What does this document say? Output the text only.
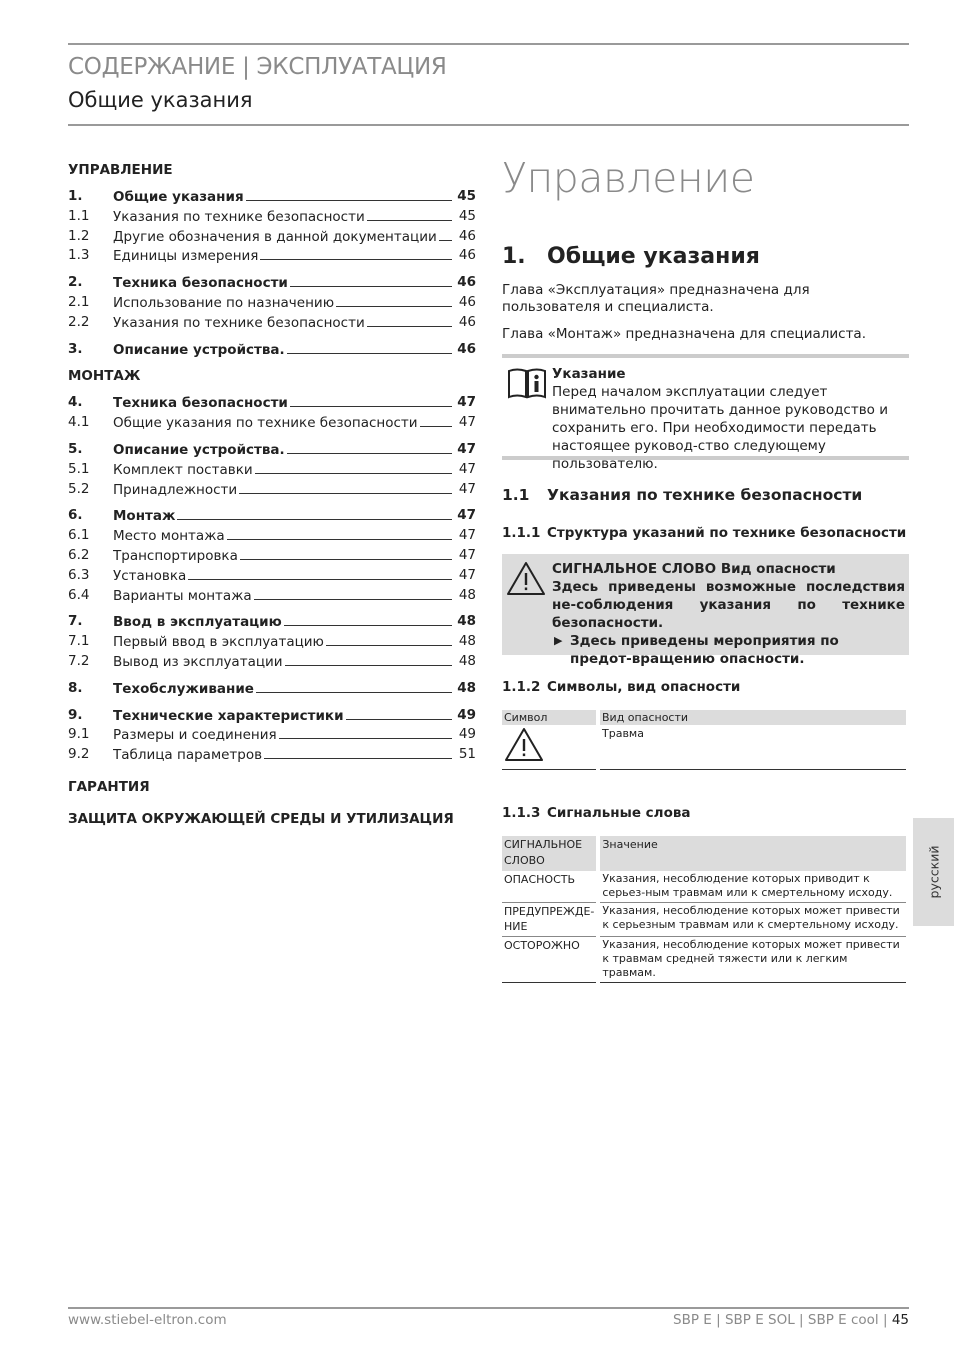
СОДЕРЖАНИЕ | ЭКСПЛУАТАЦИЯ
Общие указания
УПРАВЛЕНИЕ
1. Общие указания	45
1.1 Указания по технике безопасности	45
1.2 Другие обозначения в данной документации	46
1.3 Единицы измерения	46
2. Техника безопасности	46
2.1 Использование по назначению	46
2.2 Указания по технике безопасности	46
3. Описание устройства.	46
МОНТАЖ
4. Техника безопасности	47
4.1 Общие указания по технике безопасности	47
5. Описание устройства.	47
5.1 Комплект поставки	47
5.2 Принадлежности	47
6. Монтаж	47
6.1 Место монтажа	47
6.2 Транспортировка	47
6.3 Установка	47
6.4 Варианты монтажа	48
7. Ввод в эксплуатацию	48
7.1 Первый ввод в эксплуатацию	48
7.2 Вывод из эксплуатации	48
8. Техобслуживание	48
9. Технические характеристики	49
9.1 Размеры и соединения	49
9.2 Таблица параметров	51
ГАРАНТИЯ
ЗАЩИТА ОКРУЖАЮЩЕЙ СРЕДЫ И УТИЛИЗАЦИЯ
Управление
1. Общие указания
Глава «Эксплуатация» предназначена для пользователя и специалиста.
Глава «Монтаж» предназначена для специалиста.
Указание
Перед началом эксплуатации следует внимательно прочитать данное руководство и сохранить его. При необходимости передать настоящее руковод-ство следующему пользователю.
1.1 Указания по технике безопасности
1.1.1 Структура указаний по технике безопасности
СИГНАЛЬНОЕ СЛОВО Вид опасности
Здесь приведены возможные последствия не-соблюдения указания по технике безопасности.
▶ Здесь приведены мероприятия по предот-вращению опасности.
1.1.2 Символы, вид опасности
Символ		Вид опасности
		Травма
1.1.3 Сигнальные слова
СИГНАЛЬНОЕ СЛОВО		Значение
ОПАСНОСТЬ		Указания, несоблюдение которых приводит к серьез-ным травмам или к смертельному исходу.
ПРЕДУПРЕЖДЕ-НИЕ		Указания, несоблюдение которых может привести к серьезным травмам или к смертельному исходу.
ОСТОРОЖНО		Указания, несоблюдение которых может привести к травмам средней тяжести или к легким травмам.
русский
www.stiebel-eltron.com	SBP E | SBP E SOL | SBP E cool | 45
